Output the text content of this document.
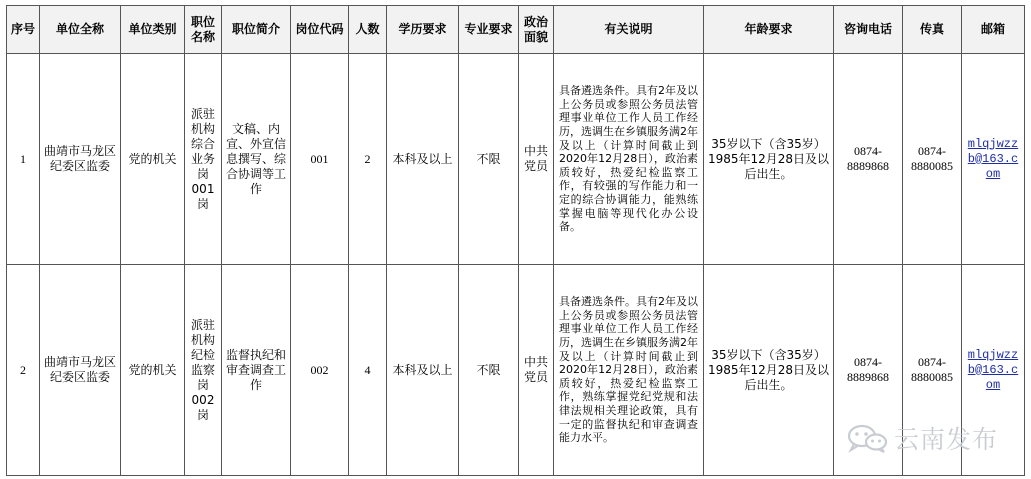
序号	单位全称	单位类别	职位名称	职位简介	岗位代码	人数	学历要求	专业要求	政治面貌	有关说明	年龄要求	咨询电话	传真	邮箱
1	曲靖市马龙区纪委区监委	党的机关	派驻机构综合业务岗001岗	文稿、内宣、外宣信息撰写、综合协调等工作	001	2	本科及以上	不限	中共党员	具备遴选条件。具有2年及以上公务员或参照公务员法管理事业单位工作人员工作经历，选调生在乡镇服务满2年及以上（计算时间截止到2020年12月28日），政治素质较好，热爱纪检监察工作，有较强的写作能力和一定的综合协调能力，能熟练掌握电脑等现代化办公设备。	35岁以下（含35岁）1985年12月28日及以后出生。	0874-8889868	0874-8880085	mlqjwzzb@163.com
2	曲靖市马龙区纪委区监委	党的机关	派驻机构纪检监察岗002岗	监督执纪和审查调查工作	002	4	本科及以上	不限	中共党员	具备遴选条件。具有2年及以上公务员或参照公务员法管理事业单位工作人员工作经历，选调生在乡镇服务满2年及以上（计算时间截止到2020年12月28日），政治素质较好，热爱纪检监察工作，熟练掌握党纪党规和法律法规相关理论政策，具有一定的监督执纪和审查调查能力水平。	35岁以下（含35岁）1985年12月28日及以后出生。	0874-8889868	0874-8880085	mlqjwzzb@163.com
云南发布
